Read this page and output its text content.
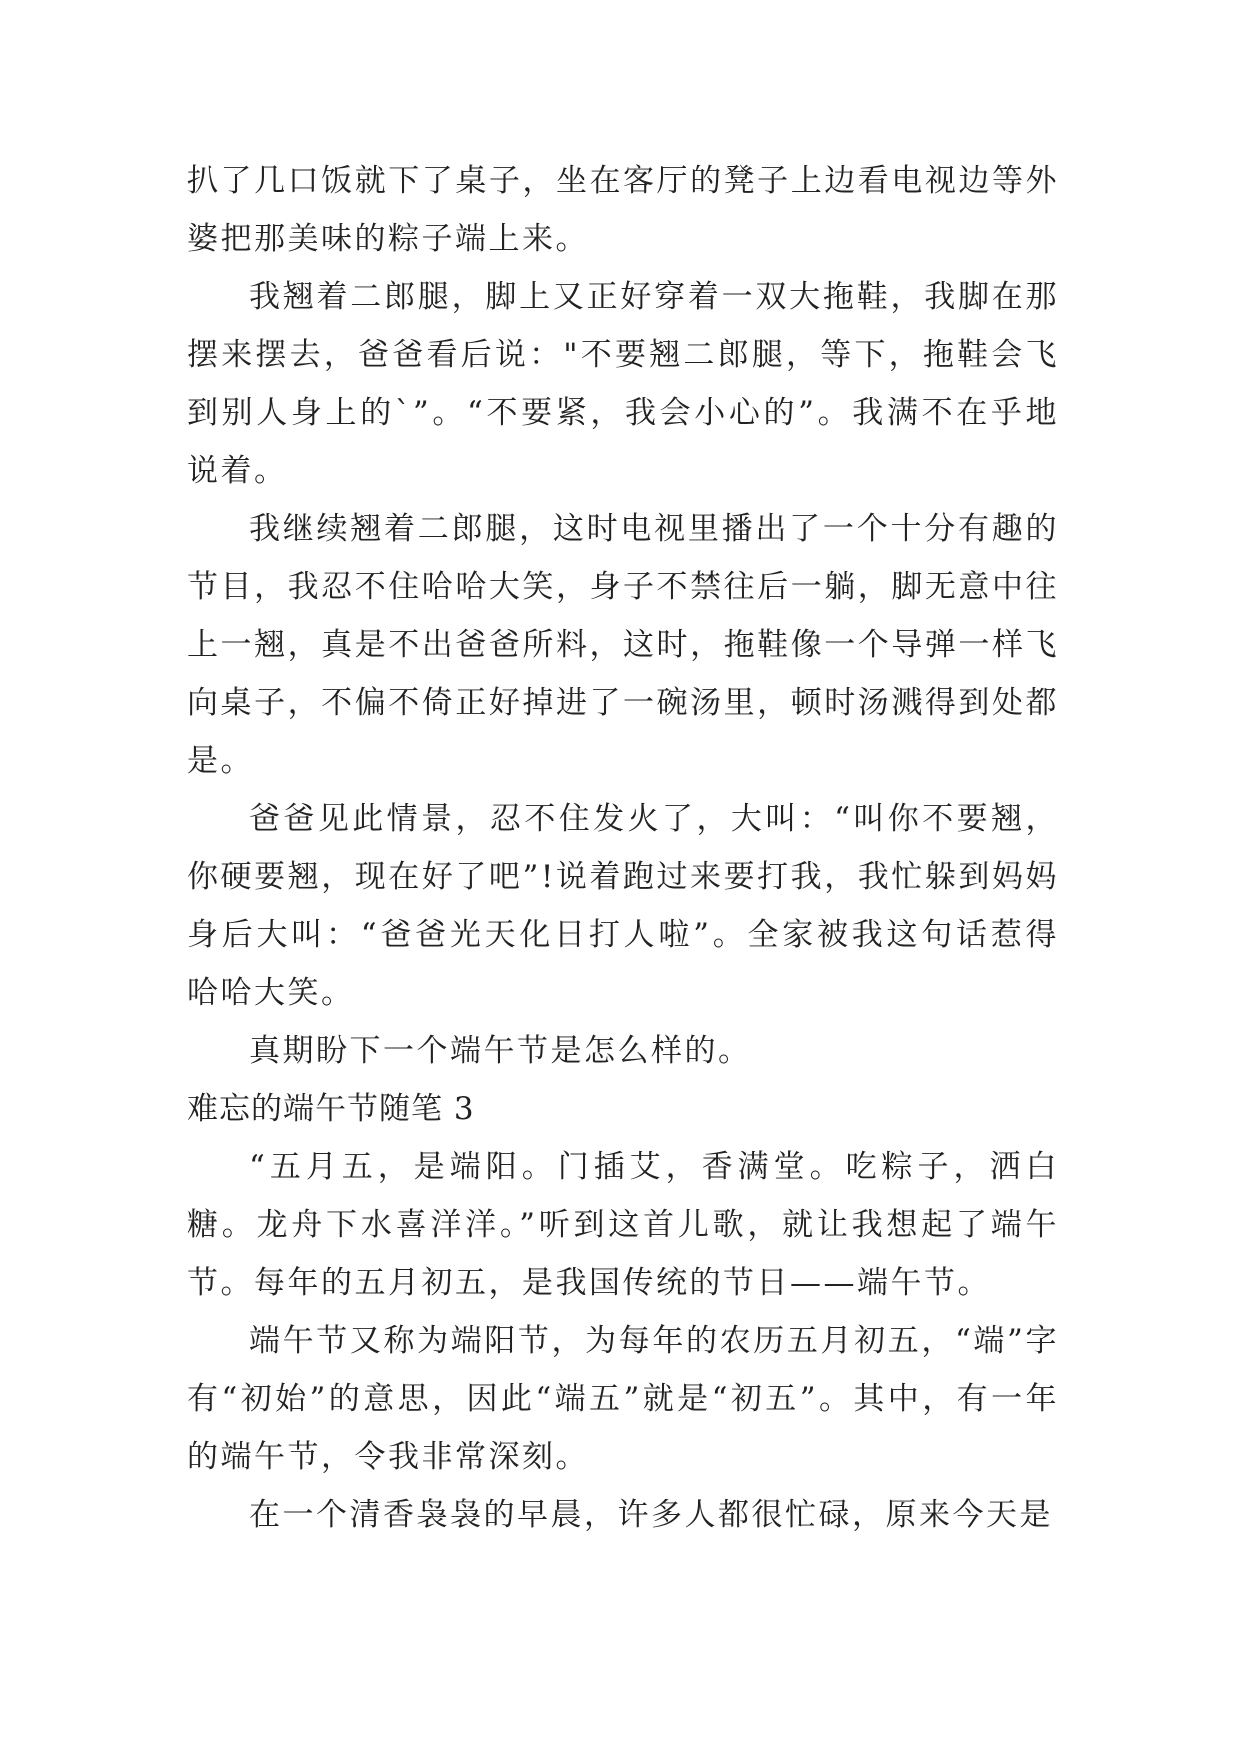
扒了几口饭就下了桌子，坐在客厅的凳子上边看电视边等外婆把那美味的粽子端上来。

我翘着二郎腿，脚上又正好穿着一双大拖鞋，我脚在那摆来摆去，爸爸看后说："不要翘二郎腿，等下，拖鞋会飞到别人身上的`”。“不要紧，我会小心的”。我满不在乎地说着。

我继续翘着二郎腿，这时电视里播出了一个十分有趣的节目，我忍不住哈哈大笑，身子不禁往后一躺，脚无意中往上一翘，真是不出爸爸所料，这时，拖鞋像一个导弹一样飞向桌子，不偏不倚正好掉进了一碗汤里，顿时汤溅得到处都是。

爸爸见此情景，忍不住发火了，大叫：“叫你不要翘，你硬要翘，现在好了吧”!说着跑过来要打我，我忙躲到妈妈身后大叫：“爸爸光天化日打人啦”。全家被我这句话惹得哈哈大笑。

真期盼下一个端午节是怎么样的。

难忘的端午节随笔 3

“五月五，是端阳。门插艾，香满堂。吃粽子，洒白糖。龙舟下水喜洋洋。”听到这首儿歌，就让我想起了端午节。每年的五月初五，是我国传统的节日——端午节。

端午节又称为端阳节，为每年的农历五月初五，“端”字有“初始”的意思，因此“端五”就是“初五”。其中，有一年的端午节，令我非常深刻。

在一个清香袅袅的早晨，许多人都很忙碌，原来今天是
